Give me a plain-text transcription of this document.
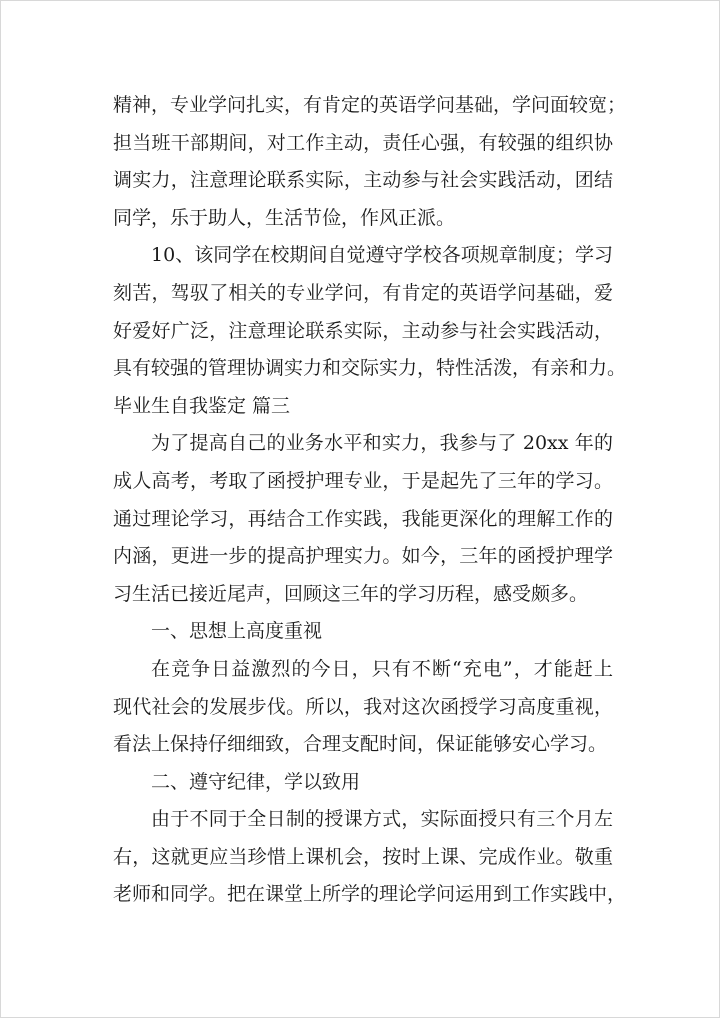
精神，专业学问扎实，有肯定的英语学问基础，学问面较宽；
担当班干部期间，对工作主动，责任心强，有较强的组织协
调实力，注意理论联系实际，主动参与社会实践活动，团结
同学，乐于助人，生活节俭，作风正派。
10、该同学在校期间自觉遵守学校各项规章制度；学习
刻苦，驾驭了相关的专业学问，有肯定的英语学问基础，爱
好爱好广泛，注意理论联系实际，主动参与社会实践活动，
具有较强的管理协调实力和交际实力，特性活泼，有亲和力。
毕业生自我鉴定 篇三
为了提高自己的业务水平和实力，我参与了 20xx 年的
成人高考，考取了函授护理专业，于是起先了三年的学习。
通过理论学习，再结合工作实践，我能更深化的理解工作的
内涵，更进一步的提高护理实力。如今，三年的函授护理学
习生活已接近尾声，回顾这三年的学习历程，感受颇多。
一、思想上高度重视
在竞争日益激烈的今日，只有不断“充电”，才能赶上
现代社会的发展步伐。所以，我对这次函授学习高度重视，
看法上保持仔细细致，合理支配时间，保证能够安心学习。
二、遵守纪律，学以致用
由于不同于全日制的授课方式，实际面授只有三个月左
右，这就更应当珍惜上课机会，按时上课、完成作业。敬重
老师和同学。把在课堂上所学的理论学问运用到工作实践中，
